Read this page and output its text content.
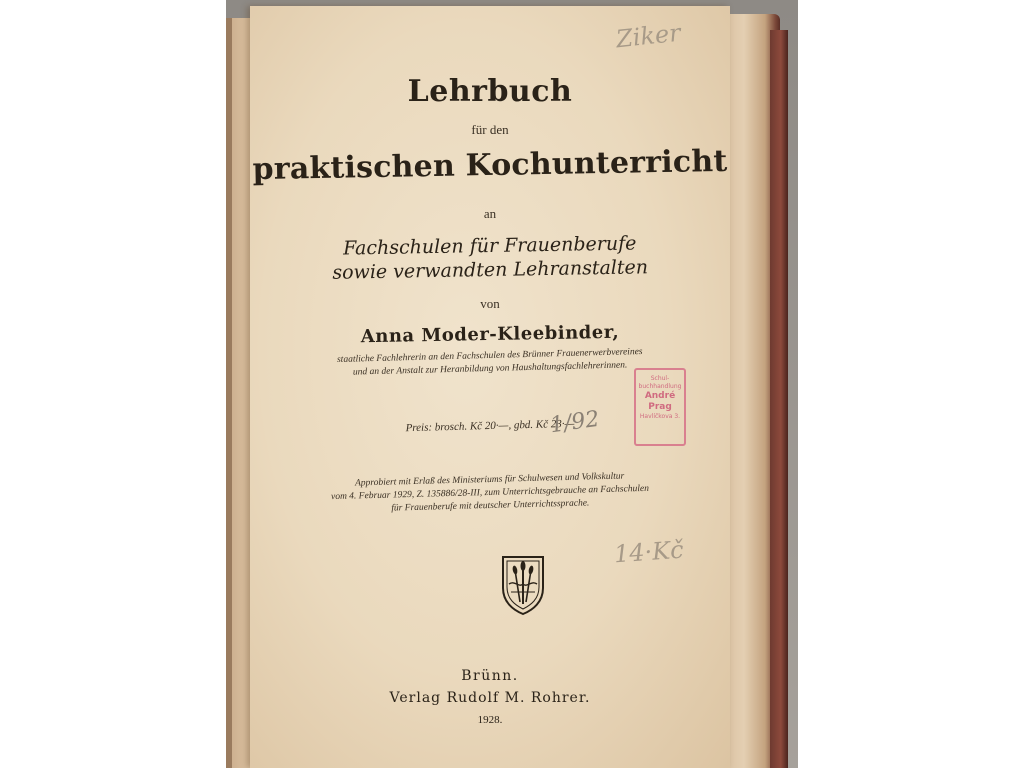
Ziker
Lehrbuch
für den
praktischen Kochunterricht
an
Fachschulen für Frauenberufe
sowie verwandten Lehranstalten
von
Anna Moder-Kleebinder,
staatliche Fachlehrerin an den Fachschulen des Brünner Frauenerwerbvereines
und an der Anstalt zur Heranbildung von Haushaltungsfachlehrerinnen.
Schul-
buchhandlung
André
Prag
Havlíčkova 3.
Preis: brosch. Kč 20·—, gbd. Kč 23·—
1/92
Approbiert mit Erlaß des Ministeriums für Schulwesen und Volkskultur
vom 4. Februar 1929, Z. 135886/28-III, zum Unterrichtsgebrauche an Fachschulen
für Frauenberufe mit deutscher Unterrichtssprache.
14·Kč
Brünn.
Verlag Rudolf M. Rohrer.
1928.
